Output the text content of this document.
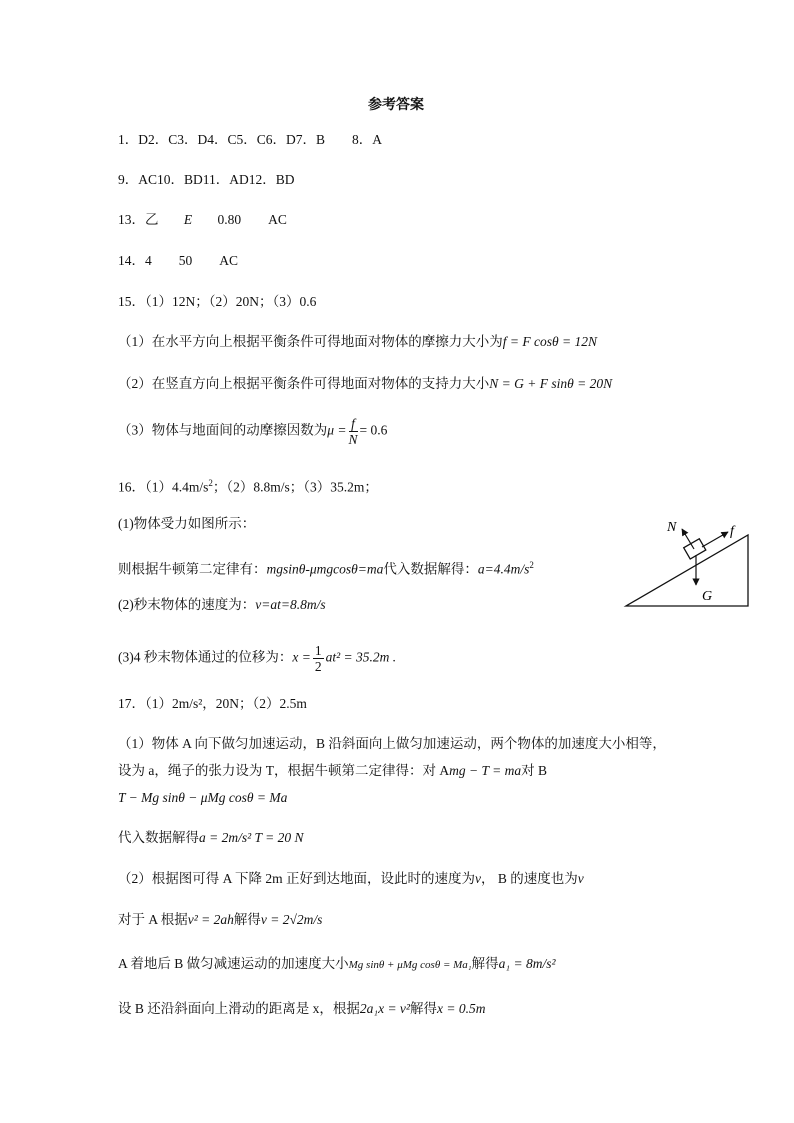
参考答案
1．D2．C3．D4．C5．C6．D7．B　　8．A
9．AC10．BD11．AD12．BD
13．乙 E 0.80　　AC
14．4　　50　　AC
15．（1）12N；（2）20N；（3）0.6
（1）在水平方向上根据平衡条件可得地面对物体的摩擦力大小为f = F cosθ = 12N
（2）在竖直方向上根据平衡条件可得地面对物体的支持力大小N = G + F sinθ = 20N
（3）物体与地面间的动摩擦因数为$\mu = \frac{f}{N} = 0.6$
16．$(1)4.4m/s^2$；（2）8.8m/s；（3）35.2m；
(1)物体受力如图所示：
则根据牛顿第二定律有：mgsinθ-μmgcosθ=ma代入数据解得：$a=4.4m/s^2$
(2)秒末物体的速度为：v=at=8.8m/s
(3)4 秒末物体通过的位移为：$x = \frac{1}{2} at^2 = 35.2m$ .
N	f
G
17．（1）2m/s²，20N；（2）2.5m
（1）物体 A 向下做匀加速运动，B 沿斜面向上做匀加速运动，两个物体的加速度大小相等，
设为 a，绳子的张力设为 T，根据牛顿第二定律得：对 Amg − T = ma对 B
T − Mg sinθ − μMg cosθ = Ma
代入数据解得a = 2m/s² T = 20 N
（2）根据图可得 A 下降 2m 正好到达地面，设此时的速度为v， B 的速度也为v
对于 A 根据v² = 2ah解得v = 2√2m/s
A 着地后 B 做匀减速运动的加速度大小Mg sinθ + μMg cosθ = Ma₁解得a₁ = 8m/s²
设 B 还沿斜面向上滑动的距离是 x，根据2a₁x = v²解得x = 0.5m
